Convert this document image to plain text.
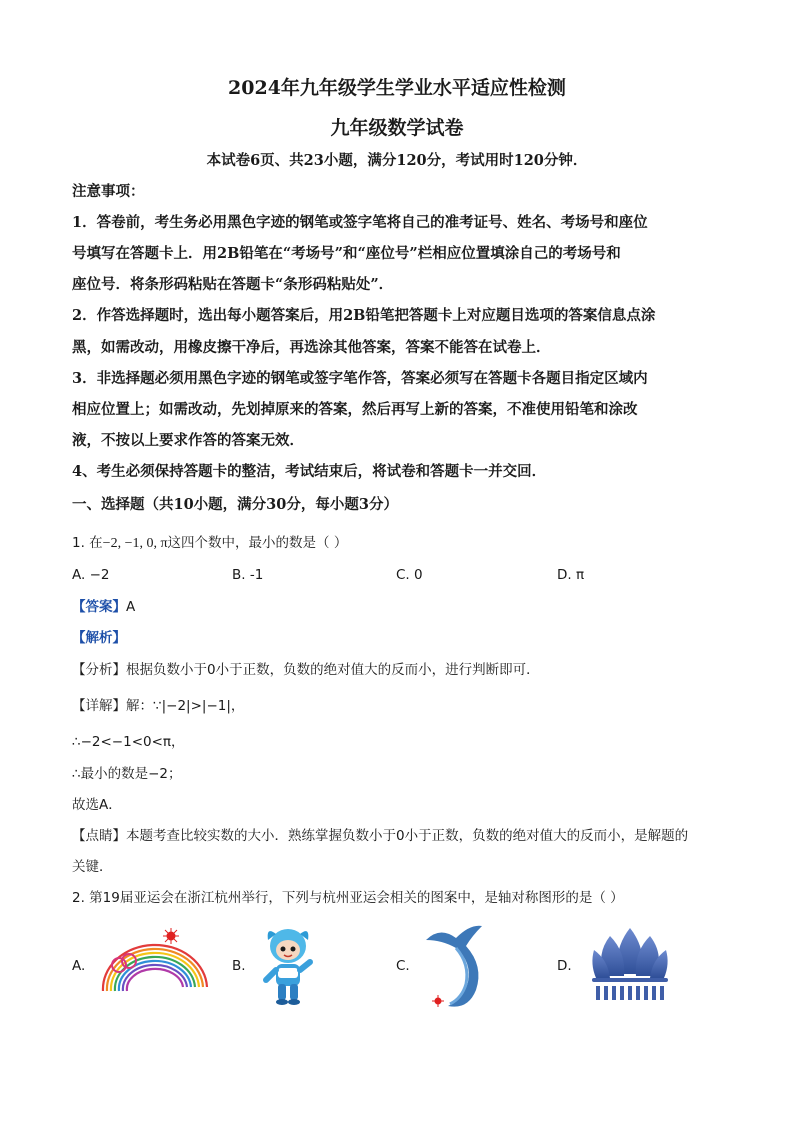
2024年九年级学生学业水平适应性检测
九年级数学试卷
本试卷6页、共23小题，满分120分，考试用时120分钟．
注意事项：
1．答卷前，考生务必用黑色字迹的钢笔或签字笔将自己的准考证号、姓名、考场号和座位
号填写在答题卡上．用2B铅笔在“考场号”和“座位号”栏相应位置填涂自己的考场号和
座位号．将条形码粘贴在答题卡“条形码粘贴处”．
2．作答选择题时，选出每小题答案后，用2B铅笔把答题卡上对应题目选项的答案信息点涂
黑，如需改动，用橡皮擦干净后，再选涂其他答案，答案不能答在试卷上．
3．非选择题必须用黑色字迹的钢笔或签字笔作答，答案必须写在答题卡各题目指定区域内
相应位置上；如需改动，先划掉原来的答案，然后再写上新的答案，不准使用铅笔和涂改
液，不按以上要求作答的答案无效．
4、考生必须保持答题卡的整洁，考试结束后，将试卷和答题卡一并交回．
一、选择题（共10小题，满分30分，每小题3分）
1. 在−2, −1, 0, π这四个数中，最小的数是（ ）
A. −2	B. -1	C. 0	D. π
【答案】A
【解析】
【分析】根据负数小于0小于正数，负数的绝对值大的反而小，进行判断即可．
【详解】解：∵|−2|>|−1|，
∴−2<−1<0<π，
∴最小的数是−2；
故选A．
【点睛】本题考查比较实数的大小．熟练掌握负数小于0小于正数，负数的绝对值大的反而小，是解题的
关键．
2. 第19届亚运会在浙江杭州举行，下列与杭州亚运会相关的图案中，是轴对称图形的是（ ）
A.	B.	C.	D.
